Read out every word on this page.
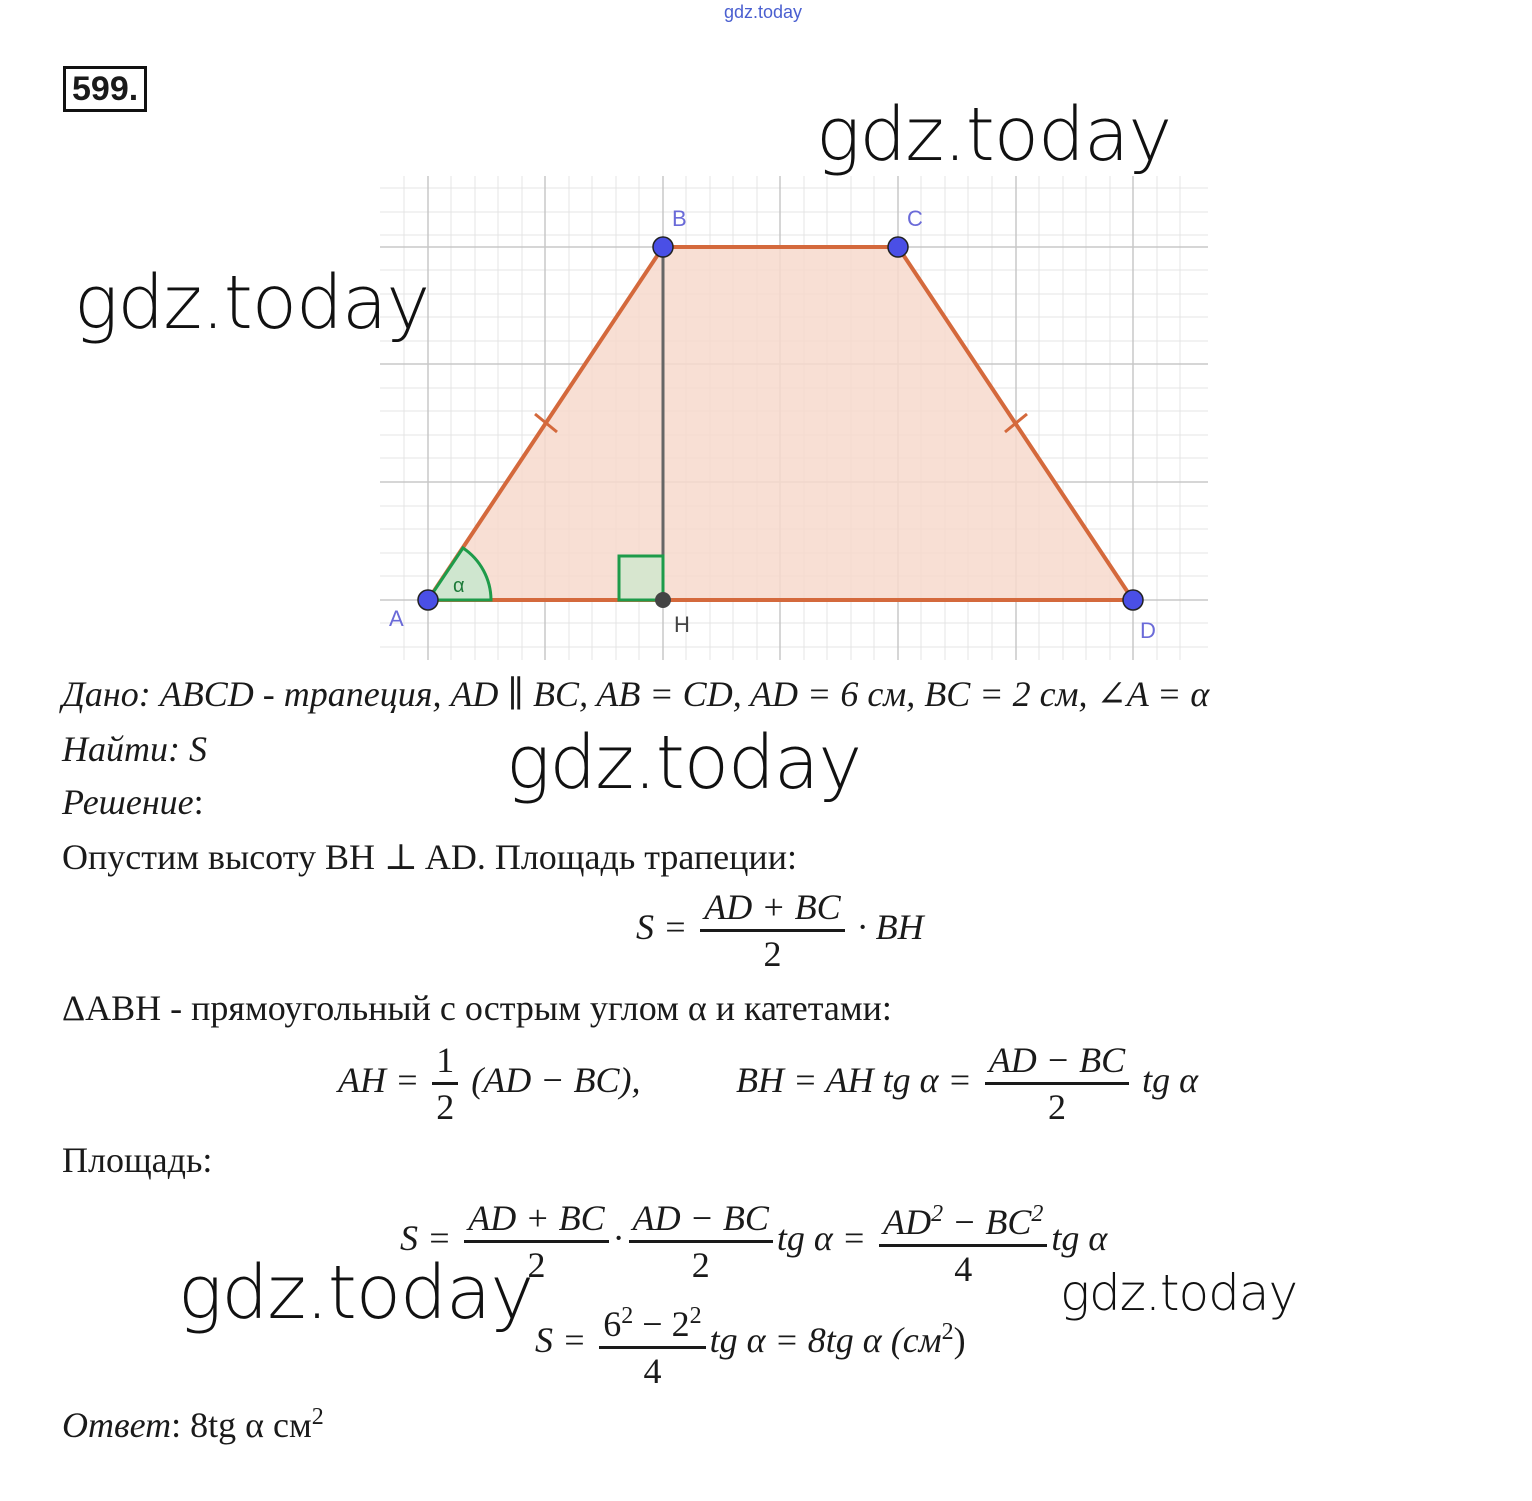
gdz.today
599.
A
B	C
D
H
α
gdz.today
gdz.today
Дано: ABCD - трапеция, AD ∥ BC, AB = CD, AD = 6 см, BC = 2 см, ∠A = α
Найти: S	gdz.today
Решение:
Опустим высоту BH ⊥ AD. Площадь трапеции:
$S = \frac{AD + BC}{2}$ · BH
ΔABH - прямоугольный с острым углом α и катетами:
AH = $\frac{1}{2} (AD - BC)$,	BH = AH tg $\alpha = \frac{AD - BC}{2}$ tg α
Площадь:
$S = \frac{AD + BC}{2} \cdot \frac{AD - BC}{2}$ tg $\alpha = \frac{AD^2 - BC^2}{4}$ tg α
gdz.today	gdz.today
$S = \frac{6^2 - 2^2}{4}$ tg α = 8tg α $(см^2)$
Ответ: 8tg α $см^2$
